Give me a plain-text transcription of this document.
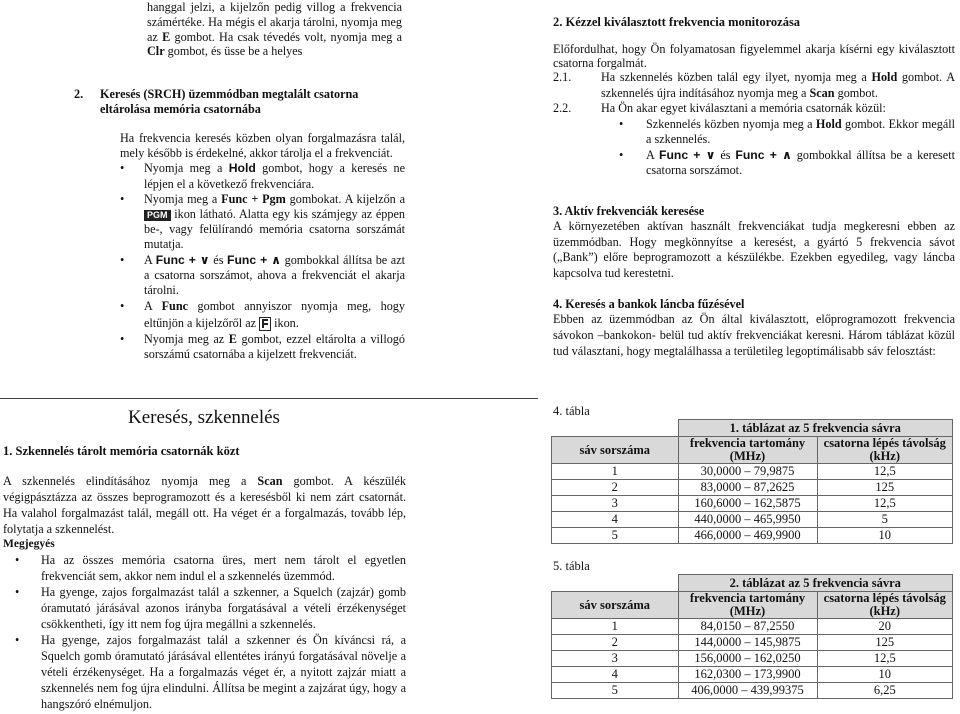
hanggal jelzi, a kijelzőn pedig villog a frekvencia számértéke. Ha mégis el akarja tárolni, nyomja meg az E gombot. Ha csak tévedés volt, nyomja meg a Clr gombot, és üsse be a helyes

2.	Keresés (SRCH) üzemmódban megtalált csatorna
eltárolása memória csatornába

Ha frekvencia keresés közben olyan forgalmazásra talál, mely később is érdekelné, akkor tárolja el a frekvenciát.

• Nyomja meg a Hold gombot, hogy a keresés ne lépjen el a következő frekvenciára.
• Nyomja meg a Func + Pgm gombokat. A kijelzőn a PGM ikon látható. Alatta egy kis számjegy az éppen be-, vagy felülírandó memória csatorna sorszámát mutatja.
• A Func + ∨ és Func + ∧ gombokkal állítsa be azt a csatorna sorszámot, ahova a frekvenciát el akarja tárolni.
• A Func gombot annyiszor nyomja meg, hogy eltűnjön a kijelzőről az ikon.
• Nyomja meg az E gombot, ezzel eltárolta a villogó sorszámú csatornába a kijelzett frekvenciát.
Keresés, szkennelés
1. Szkennelés tárolt memória csatornák közt

A szkennelés elindításához nyomja meg a Scan gombot. A készülék végigpásztázza az összes beprogramozott és a keresésből ki nem zárt csatornát. Ha valahol forgalmazást talál, megáll ott. Ha véget ér a forgalmazás, tovább lép, folytatja a szkennelést.

Megjegyés
• Ha az összes memória csatorna üres, mert nem tárolt el egyetlen frekvenciát sem, akkor nem indul el a szkennelés üzemmód.
• Ha gyenge, zajos forgalmazást talál a szkenner, a Squelch (zajzár) gomb óramutató járásával azonos irányba forgatásával a vételi érzékenységet csökkentheti, így itt nem fog újra megállni a szkennelés.
• Ha gyenge, zajos forgalmazást talál a szkenner és Ön kíváncsi rá, a Squelch gomb óramutató járásával ellentétes irányú forgatásával növelje a vételi érzékenységet. Ha a forgalmazás véget ér, a nyitott zajzár miatt a szkennelés nem fog újra elindulni. Állítsa be megint a zajzárat úgy, hogy a hangszóró elnémuljon.
2. Kézzel kiválasztott frekvencia monitorozása

Előfordulhat, hogy Ön folyamatosan figyelemmel akarja kísérni egy kiválasztott csatorna forgalmát.

2.1. Ha szkennelés közben talál egy ilyet, nyomja meg a Hold gombot. A szkennelés újra indításához nyomja meg a Scan gombot.
2.2. Ha Ön akar egyet kiválasztani a memória csatornák közül:
• Szkennelés közben nyomja meg a Hold gombot. Ekkor megáll a szkennelés.
• A Func + ∨ és Func + ∧ gombokkal állítsa be a keresett csatorna sorszámot.
3. Aktív frekvenciák keresése

A környezetében aktívan használt frekvenciákat tudja megkeresni ebben az üzemmódban. Hogy megkönnyítse a keresést, a gyártó 5 frekvencia sávot („Bank”) előre beprogramozott a készülékbe. Ezekben egyedileg, vagy láncba kapcsolva tud kerestetni.

4. Keresés a bankok láncba fűzésével

Ebben az üzemmódban az Ön által kiválasztott, előprogramozott frekvencia sávokon –bankokon- belül tud aktív frekvenciákat keresni. Három táblázat közül tud választani, hogy megtalálhassa a területileg legoptimálisabb sáv felosztást:

4. tábla
	1. táblázat az 5 frekvencia sávra	
sáv sorszáma	frekvencia tartomány (MHz)	csatorna lépés távolság (kHz)
1	30,0000 – 79,9875	12,5
2	83,0000 – 87,2625	125
3	160,6000 – 162,5875	12,5
4	440,0000 – 465,9950	5
5	466,0000 – 469,9900	10
5. tábla
	2. táblázat az 5 frekvencia sávra	
sáv sorszáma	frekvencia tartomány (MHz)	csatorna lépés távolság (kHz)
1	84,0150 – 87,2550	20
2	144,0000 – 145,9875	125
3	156,0000 – 162,0250	12,5
4	162,0300 – 173,9900	10
5	406,0000 – 439,99375	6,25
